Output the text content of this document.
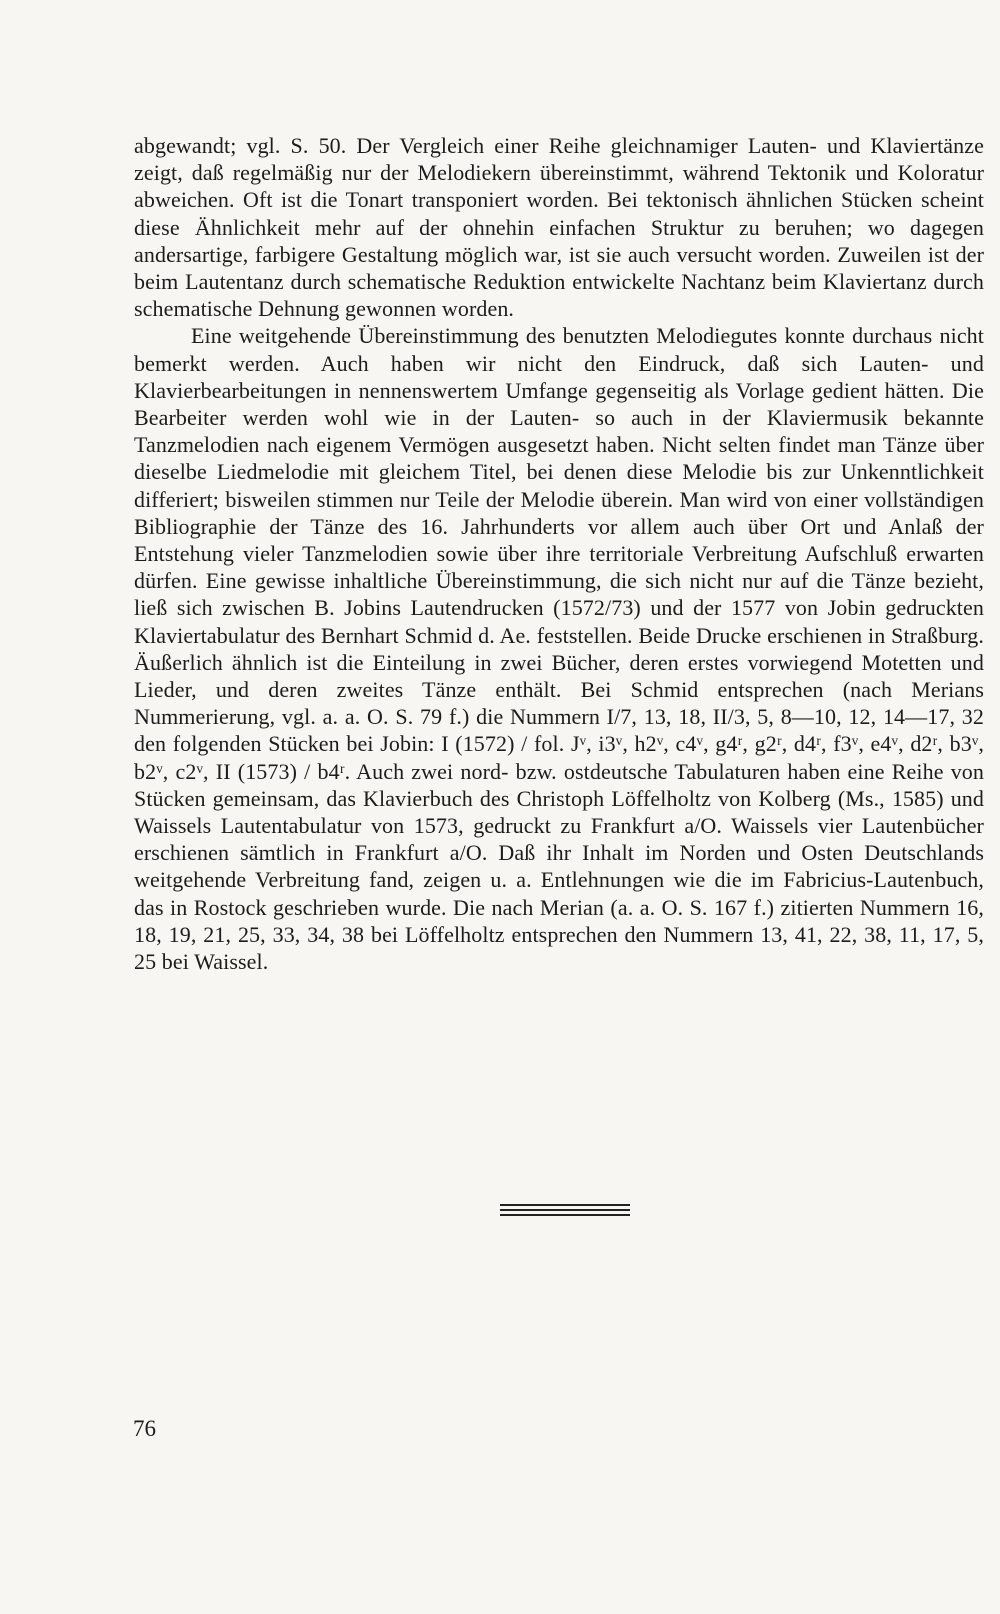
abgewandt; vgl. S. 50. Der Vergleich einer Reihe gleichnamiger Lauten- und Klaviertänze zeigt, daß regelmäßig nur der Melodiekern übereinstimmt, während Tektonik und Koloratur abweichen. Oft ist die Tonart transponiert worden. Bei tektonisch ähnlichen Stücken scheint diese Ähnlichkeit mehr auf der ohnehin einfachen Struktur zu beruhen; wo dagegen andersartige, farbigere Gestaltung möglich war, ist sie auch versucht worden. Zuweilen ist der beim Lautentanz durch schematische Reduktion entwickelte Nachtanz beim Klaviertanz durch schematische Dehnung gewonnen worden.

Eine weitgehende Übereinstimmung des benutzten Melodiegutes konnte durchaus nicht bemerkt werden. Auch haben wir nicht den Eindruck, daß sich Lauten- und Klavierbearbeitungen in nennenswertem Umfange gegenseitig als Vorlage gedient hätten. Die Bearbeiter werden wohl wie in der Lauten- so auch in der Klaviermusik bekannte Tanzmelodien nach eigenem Vermögen ausgesetzt haben. Nicht selten findet man Tänze über dieselbe Liedmelodie mit gleichem Titel, bei denen diese Melodie bis zur Unkenntlichkeit differiert; bisweilen stimmen nur Teile der Melodie überein. Man wird von einer vollständigen Bibliographie der Tänze des 16. Jahrhunderts vor allem auch über Ort und Anlaß der Entstehung vieler Tanzmelodien sowie über ihre territoriale Verbreitung Aufschluß erwarten dürfen. Eine gewisse inhaltliche Übereinstimmung, die sich nicht nur auf die Tänze bezieht, ließ sich zwischen B. Jobins Lautendrucken (1572/73) und der 1577 von Jobin gedruckten Klaviertabulatur des Bernhart Schmid d. Ae. feststellen. Beide Drucke erschienen in Straßburg. Äußerlich ähnlich ist die Einteilung in zwei Bücher, deren erstes vorwiegend Motetten und Lieder, und deren zweites Tänze enthält. Bei Schmid entsprechen (nach Merians Nummerierung, vgl. a. a. O. S. 79 f.) die Nummern I/7, 13, 18, II/3, 5, 8—10, 12, 14—17, 32 den folgenden Stücken bei Jobin: I (1572) / fol. Jᵛ, i3ᵛ, h2ᵛ, c4ᵛ, g4ʳ, g2ʳ, d4ʳ, f3ᵛ, e4ᵛ, d2ʳ, b3ᵛ, b2ᵛ, c2ᵛ, II (1573) / b4ʳ. Auch zwei nord- bzw. ostdeutsche Tabulaturen haben eine Reihe von Stücken gemeinsam, das Klavierbuch des Christoph Löffelholtz von Kolberg (Ms., 1585) und Waissels Lautentabulatur von 1573, gedruckt zu Frankfurt a/O. Waissels vier Lautenbücher erschienen sämtlich in Frankfurt a/O. Daß ihr Inhalt im Norden und Osten Deutschlands weitgehende Verbreitung fand, zeigen u. a. Entlehnungen wie die im Fabricius-Lautenbuch, das in Rostock geschrieben wurde. Die nach Merian (a. a. O. S. 167 f.) zitierten Nummern 16, 18, 19, 21, 25, 33, 34, 38 bei Löffelholtz entsprechen den Nummern 13, 41, 22, 38, 11, 17, 5, 25 bei Waissel.

76
